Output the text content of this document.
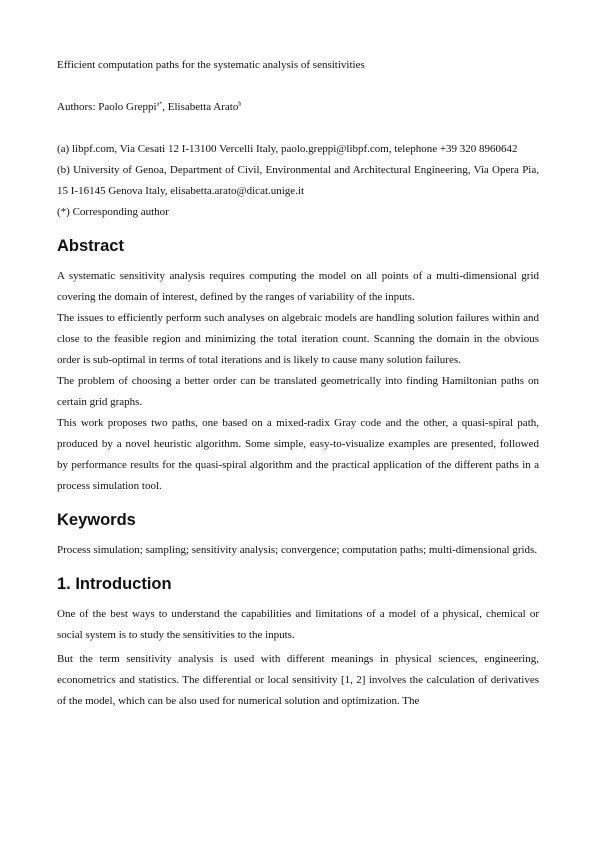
Efficient computation paths for the systematic analysis of sensitivities

Authors: Paolo Greppi$^{a*}$, Elisabetta Arato$^b$

(a) libpf.com, Via Cesati 12 I-13100 Vercelli Italy, paolo.greppi@libpf.com, telephone +39 320 8960642

(b) University of Genoa, Department of Civil, Environmental and Architectural Engineering, Via Opera Pia, 15 I-16145 Genova Italy, elisabetta.arato@dicat.unige.it

(*) Corresponding author

Abstract

A systematic sensitivity analysis requires computing the model on all points of a multi-dimensional grid covering the domain of interest, defined by the ranges of variability of the inputs.

The issues to efficiently perform such analyses on algebraic models are handling solution failures within and close to the feasible region and minimizing the total iteration count. Scanning the domain in the obvious order is sub-optimal in terms of total iterations and is likely to cause many solution failures.

The problem of choosing a better order can be translated geometrically into finding Hamiltonian paths on certain grid graphs.

This work proposes two paths, one based on a mixed-radix Gray code and the other, a quasi-spiral path, produced by a novel heuristic algorithm. Some simple, easy-to-visualize examples are presented, followed by performance results for the quasi-spiral algorithm and the practical application of the different paths in a process simulation tool.

Keywords

Process simulation; sampling; sensitivity analysis; convergence; computation paths; multi-dimensional grids.

1. Introduction

One of the best ways to understand the capabilities and limitations of a model of a physical, chemical or social system is to study the sensitivities to the inputs.

But the term sensitivity analysis is used with different meanings in physical sciences, engineering, econometrics and statistics. The differential or local sensitivity [1, 2] involves the calculation of derivatives of the model, which can be also used for numerical solution and optimization. The
